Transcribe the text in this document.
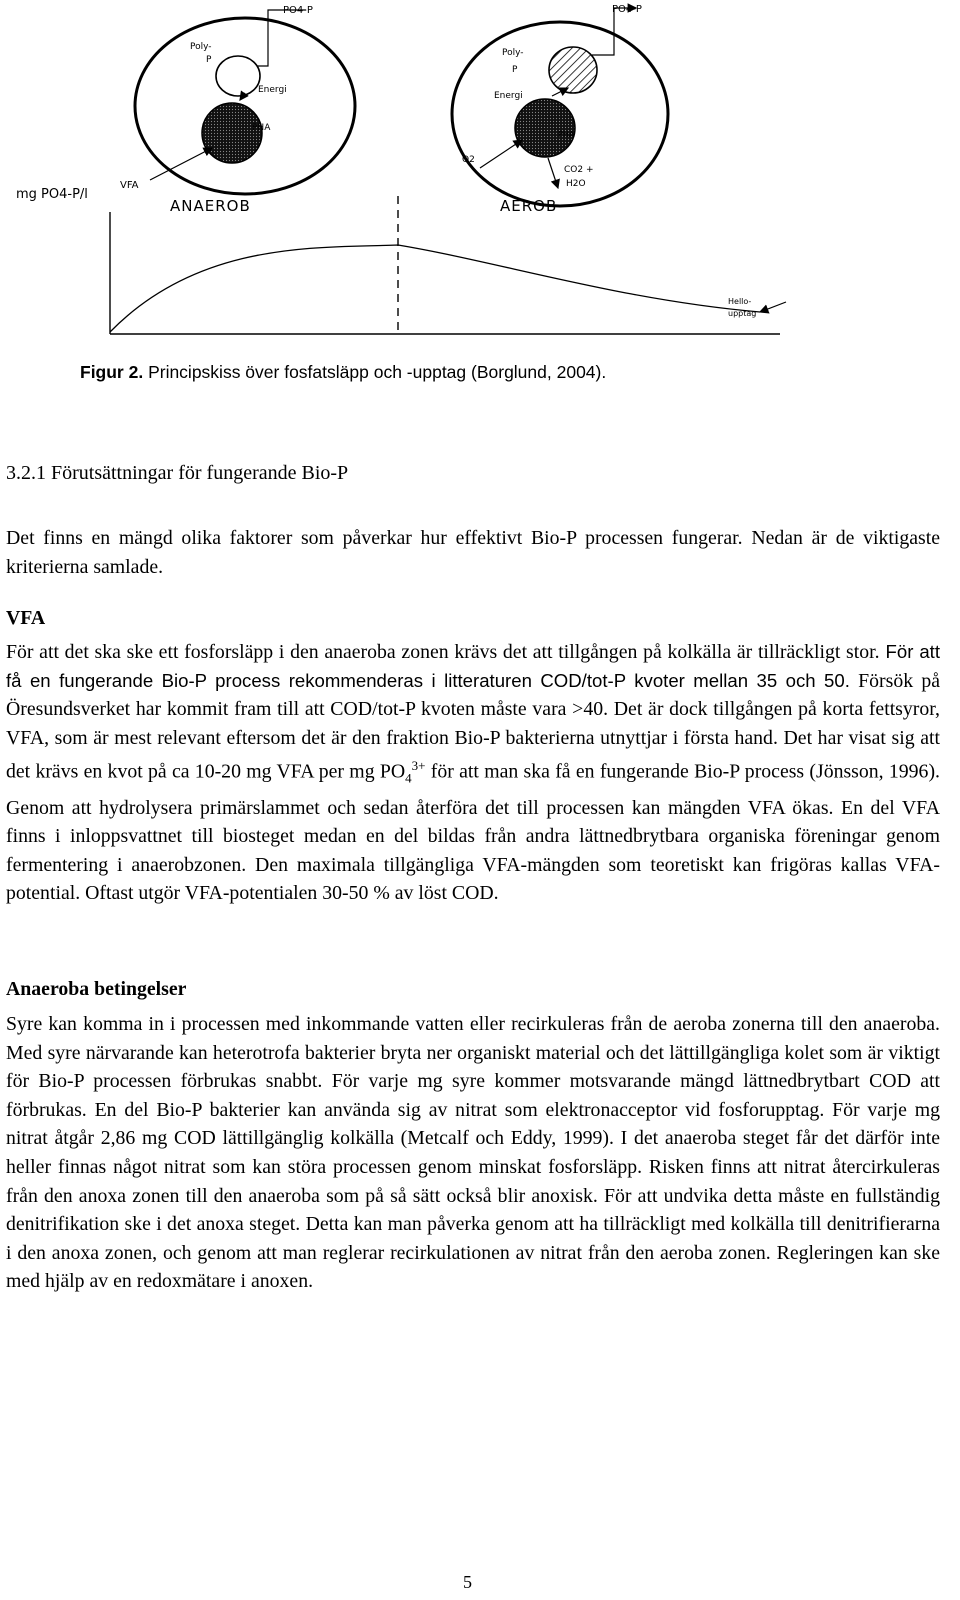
Poly-
P
Energi
PHA
PO4-P
Poly-
P
Energi
PHA
PO4-P
O2
CO2 +
H2O
mg PO4-P/l
VFA
ANAEROB	AEROB
Hello-
upptag
Figur 2. Principskiss över fosfatsläpp och -upptag (Borglund, 2004).
3.2.1 Förutsättningar för fungerande Bio-P

Det finns en mängd olika faktorer som påverkar hur effektivt Bio-P processen fungerar. Nedan är de viktigaste kriterierna samlade.

VFA

För att det ska ske ett fosforsläpp i den anaeroba zonen krävs det att tillgången på kolkälla är tillräckligt stor. För att få en fungerande Bio-P process rekommenderas i litteraturen COD/tot-P kvoter mellan 35 och 50. Försök på Öresundsverket har kommit fram till att COD/tot-P kvoten måste vara >40. Det är dock tillgången på korta fettsyror, VFA, som är mest relevant eftersom det är den fraktion Bio-P bakterierna utnyttjar i första hand. Det har visat sig att det krävs en kvot på ca 10-20 mg VFA per mg $PO_4^{3+}$ för att man ska få en fungerande Bio-P process (Jönsson, 1996). Genom att hydrolysera primärslammet och sedan återföra det till processen kan mängden VFA ökas. En del VFA finns i inloppsvattnet till biosteget medan en del bildas från andra lättnedbrytbara organiska föreningar genom fermentering i anaerobzonen. Den maximala tillgängliga VFA-mängden som teoretiskt kan frigöras kallas VFA-potential. Oftast utgör VFA-potentialen 30-50 % av löst COD.

Anaeroba betingelser

Syre kan komma in i processen med inkommande vatten eller recirkuleras från de aeroba zonerna till den anaeroba. Med syre närvarande kan heterotrofa bakterier bryta ner organiskt material och det lättillgängliga kolet som är viktigt för Bio-P processen förbrukas snabbt. För varje mg syre kommer motsvarande mängd lättnedbrytbart COD att förbrukas. En del Bio-P bakterier kan använda sig av nitrat som elektronacceptor vid fosforupptag. För varje mg nitrat åtgår 2,86 mg COD lättillgänglig kolkälla (Metcalf och Eddy, 1999). I det anaeroba steget får det därför inte heller finnas något nitrat som kan störa processen genom minskat fosforsläpp. Risken finns att nitrat återcirkuleras från den anoxa zonen till den anaeroba som på så sätt också blir anoxisk. För att undvika detta måste en fullständig denitrifikation ske i det anoxa steget. Detta kan man påverka genom att ha tillräckligt med kolkälla till denitrifierarna i den anoxa zonen, och genom att man reglerar recirkulationen av nitrat från den aeroba zonen. Regleringen kan ske med hjälp av en redoxmätare i anoxen.

5
